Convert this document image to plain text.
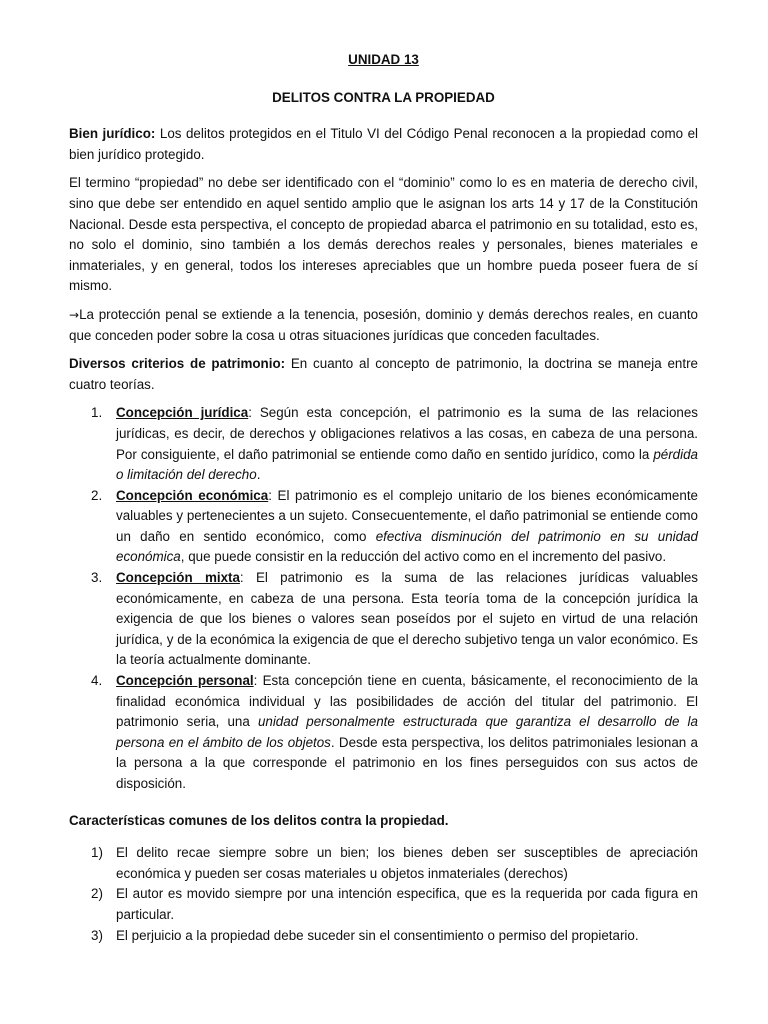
UNIDAD 13

DELITOS CONTRA LA PROPIEDAD

Bien jurídico: Los delitos protegidos en el Titulo VI del Código Penal reconocen a la propiedad como el bien jurídico protegido.

El termino “propiedad” no debe ser identificado con el “dominio” como lo es en materia de derecho civil, sino que debe ser entendido en aquel sentido amplio que le asignan los arts 14 y 17 de la Constitución Nacional. Desde esta perspectiva, el concepto de propiedad abarca el patrimonio en su totalidad, esto es, no solo el dominio, sino también a los demás derechos reales y personales, bienes materiales e inmateriales, y en general, todos los intereses apreciables que un hombre pueda poseer fuera de sí mismo.

→La protección penal se extiende a la tenencia, posesión, dominio y demás derechos reales, en cuanto que conceden poder sobre la cosa u otras situaciones jurídicas que conceden facultades.

Diversos criterios de patrimonio: En cuanto al concepto de patrimonio, la doctrina se maneja entre cuatro teorías.

1. Concepción jurídica: Según esta concepción, el patrimonio es la suma de las relaciones jurídicas, es decir, de derechos y obligaciones relativos a las cosas, en cabeza de una persona. Por consiguiente, el daño patrimonial se entiende como daño en sentido jurídico, como la pérdida o limitación del derecho.
2. Concepción económica: El patrimonio es el complejo unitario de los bienes económicamente valuables y pertenecientes a un sujeto. Consecuentemente, el daño patrimonial se entiende como un daño en sentido económico, como efectiva disminución del patrimonio en su unidad económica, que puede consistir en la reducción del activo como en el incremento del pasivo.
3. Concepción mixta: El patrimonio es la suma de las relaciones jurídicas valuables económicamente, en cabeza de una persona. Esta teoría toma de la concepción jurídica la exigencia de que los bienes o valores sean poseídos por el sujeto en virtud de una relación jurídica, y de la económica la exigencia de que el derecho subjetivo tenga un valor económico. Es la teoría actualmente dominante.
4. Concepción personal: Esta concepción tiene en cuenta, básicamente, el reconocimiento de la finalidad económica individual y las posibilidades de acción del titular del patrimonio. El patrimonio seria, una unidad personalmente estructurada que garantiza el desarrollo de la persona en el ámbito de los objetos. Desde esta perspectiva, los delitos patrimoniales lesionan a la persona a la que corresponde el patrimonio en los fines perseguidos con sus actos de disposición.

Características comunes de los delitos contra la propiedad.

1) El delito recae siempre sobre un bien; los bienes deben ser susceptibles de apreciación económica y pueden ser cosas materiales u objetos inmateriales (derechos)
2) El autor es movido siempre por una intención especifica, que es la requerida por cada figura en particular.
3) El perjuicio a la propiedad debe suceder sin el consentimiento o permiso del propietario.
